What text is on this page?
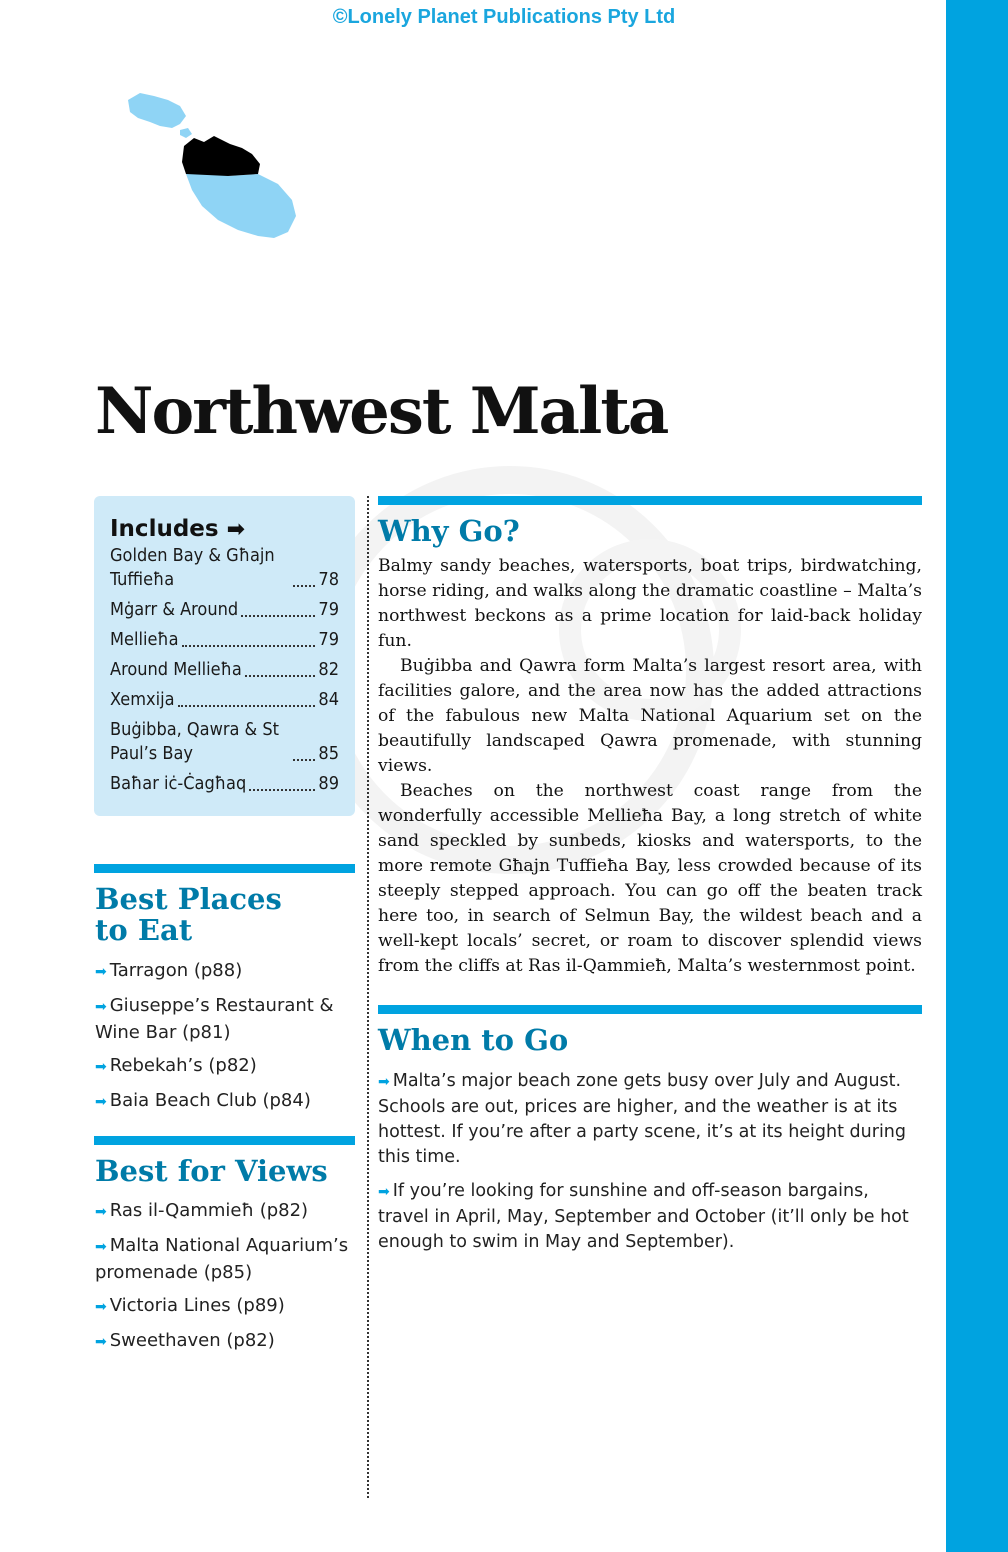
©Lonely Planet Publications Pty Ltd
Northwest Malta
Includes ➡
Golden Bay & Għajn Tuffieħa	78
Mġarr & Around	79
Mellieħa	79
Around Mellieħa	82
Xemxija	84
Buġibba, Qawra & St Paul’s Bay	85
Baħar iċ-Ċagħaq	89
Best Places
to Eat
➡ Tarragon (p88)
➡ Giuseppe’s Restaurant & Wine Bar (p81)
➡ Rebekah’s (p82)
➡ Baia Beach Club (p84)
Best for Views
➡ Ras il-Qammieħ (p82)
➡ Malta National Aquarium’s promenade (p85)
➡ Victoria Lines (p89)
➡ Sweethaven (p82)
Why Go?

Balmy sandy beaches, watersports, boat trips, birdwatching, horse riding, and walks along the dramatic coastline – Malta’s northwest beckons as a prime location for laid-back holiday fun.

Buġibba and Qawra form Malta’s largest resort area, with facilities galore, and the area now has the added attractions of the fabulous new Malta National Aquarium set on the beautifully landscaped Qawra promenade, with stunning views.

Beaches on the northwest coast range from the wonderfully accessible Mellieħa Bay, a long stretch of white sand speckled by sunbeds, kiosks and watersports, to the more remote Għajn Tuffieħa Bay, less crowded because of its steeply stepped approach. You can go off the beaten track here too, in search of Selmun Bay, the wildest beach and a well-kept locals’ secret, or roam to discover splendid views from the cliffs at Ras il-Qammieħ, Malta’s westernmost point.

When to Go

➡ Malta’s major beach zone gets busy over July and August. Schools are out, prices are higher, and the weather is at its hottest. If you’re after a party scene, it’s at its height during this time.

➡ If you’re looking for sunshine and off-season bargains, travel in April, May, September and October (it’ll only be hot enough to swim in May and September).
